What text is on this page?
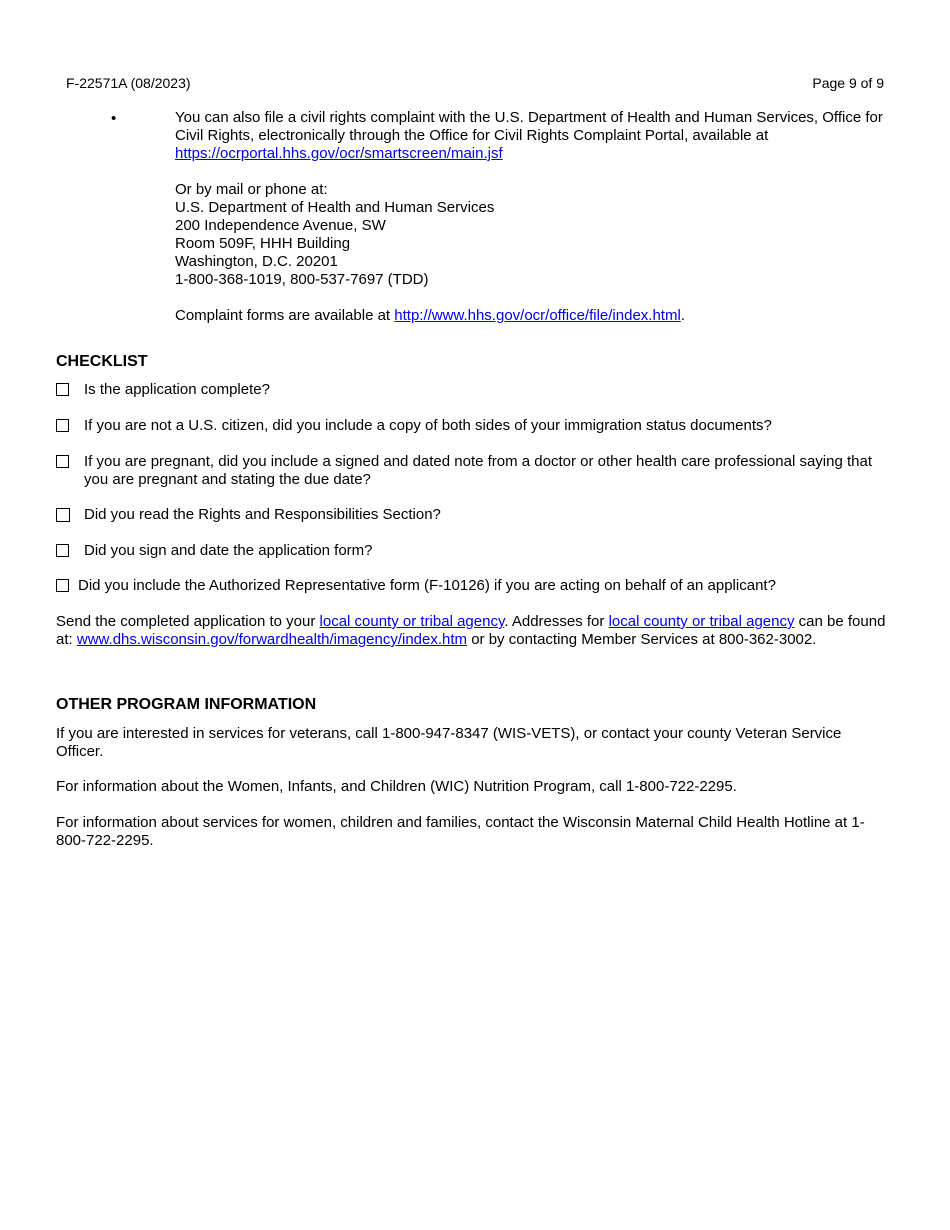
F-22571A (08/2023)	Page 9 of 9
•	You can also file a civil rights complaint with the U.S. Department of Health and Human Services, Office for Civil Rights, electronically through the Office for Civil Rights Complaint Portal, available at https://ocrportal.hhs.gov/ocr/smartscreen/main.jsf

Or by mail or phone at:

U.S. Department of Health and Human Services

200 Independence Avenue, SW

Room 509F, HHH Building

Washington, D.C. 20201

1-800-368-1019, 800-537-7697 (TDD)

Complaint forms are available at http://www.hhs.gov/ocr/office/file/index.html.

CHECKLIST
Is the application complete?
If you are not a U.S. citizen, did you include a copy of both sides of your immigration status documents?
If you are pregnant, did you include a signed and dated note from a doctor or other health care professional saying that you are pregnant and stating the due date?
Did you read the Rights and Responsibilities Section?
Did you sign and date the application form?
Did you include the Authorized Representative form (F-10126) if you are acting on behalf of an applicant?

Send the completed application to your local county or tribal agency. Addresses for local county or tribal agency can be found at: www.dhs.wisconsin.gov/forwardhealth/imagency/index.htm or by contacting Member Services at 800-362-3002.

OTHER PROGRAM INFORMATION

If you are interested in services for veterans, call 1-800-947-8347 (WIS-VETS), or contact your county Veteran Service Officer.

For information about the Women, Infants, and Children (WIC) Nutrition Program, call 1-800-722-2295.

For information about services for women, children and families, contact the Wisconsin Maternal Child Health Hotline at 1-800-722-2295.
